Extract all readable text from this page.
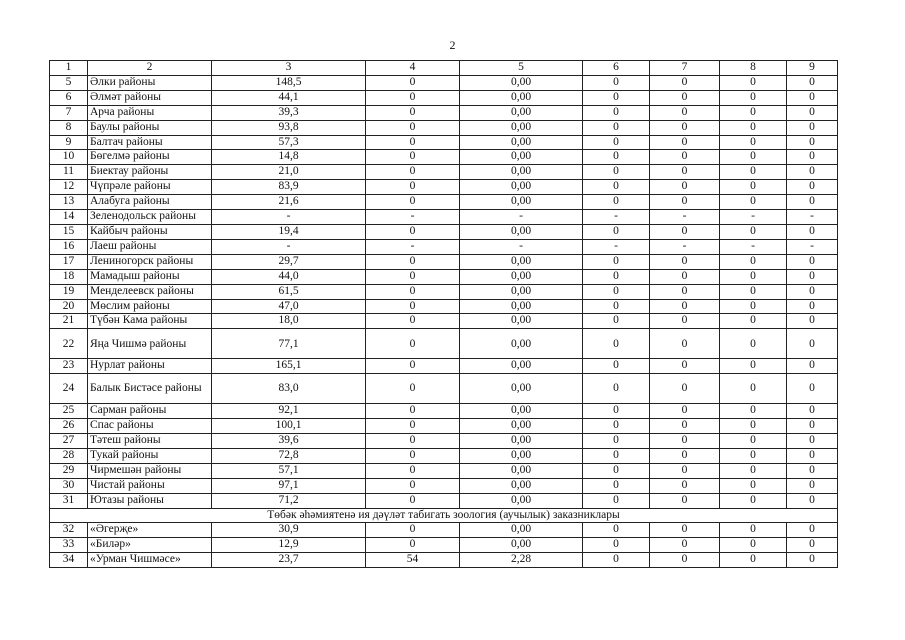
2
1	2	3	4	5	6	7	8	9
5	Әлки районы	148,5	0	0,00	0	0	0	0
6	Әлмәт районы	44,1	0	0,00	0	0	0	0
7	Арча районы	39,3	0	0,00	0	0	0	0
8	Баулы районы	93,8	0	0,00	0	0	0	0
9	Балтач районы	57,3	0	0,00	0	0	0	0
10	Бөгелмә районы	14,8	0	0,00	0	0	0	0
11	Биектау районы	21,0	0	0,00	0	0	0	0
12	Чүпрәле районы	83,9	0	0,00	0	0	0	0
13	Алабуга районы	21,6	0	0,00	0	0	0	0
14	Зеленодольск районы	-	-	-	-	-	-	-
15	Кайбыч районы	19,4	0	0,00	0	0	0	0
16	Лаеш районы	-	-	-	-	-	-	-
17	Лениногорск районы	29,7	0	0,00	0	0	0	0
18	Мамадыш районы	44,0	0	0,00	0	0	0	0
19	Менделеевск районы	61,5	0	0,00	0	0	0	0
20	Мөслим районы	47,0	0	0,00	0	0	0	0
21	Түбән Кама районы	18,0	0	0,00	0	0	0	0
22	Яңа Чишмә районы	77,1	0	0,00	0	0	0	0
23	Нурлат районы	165,1	0	0,00	0	0	0	0
24	Балык Бистәсе районы	83,0	0	0,00	0	0	0	0
25	Сарман районы	92,1	0	0,00	0	0	0	0
26	Спас районы	100,1	0	0,00	0	0	0	0
27	Тәтеш районы	39,6	0	0,00	0	0	0	0
28	Тукай районы	72,8	0	0,00	0	0	0	0
29	Чирмешән районы	57,1	0	0,00	0	0	0	0
30	Чистай районы	97,1	0	0,00	0	0	0	0
31	Ютазы районы	71,2	0	0,00	0	0	0	0
Төбәк әһәмиятенә ия дәүләт табигать зоология (аучылык) заказниклары								
32	«Әгерҗе»	30,9	0	0,00	0	0	0	0
33	«Биләр»	12,9	0	0,00	0	0	0	0
34	«Урман Чишмәсе»	23,7	54	2,28	0	0	0	0
